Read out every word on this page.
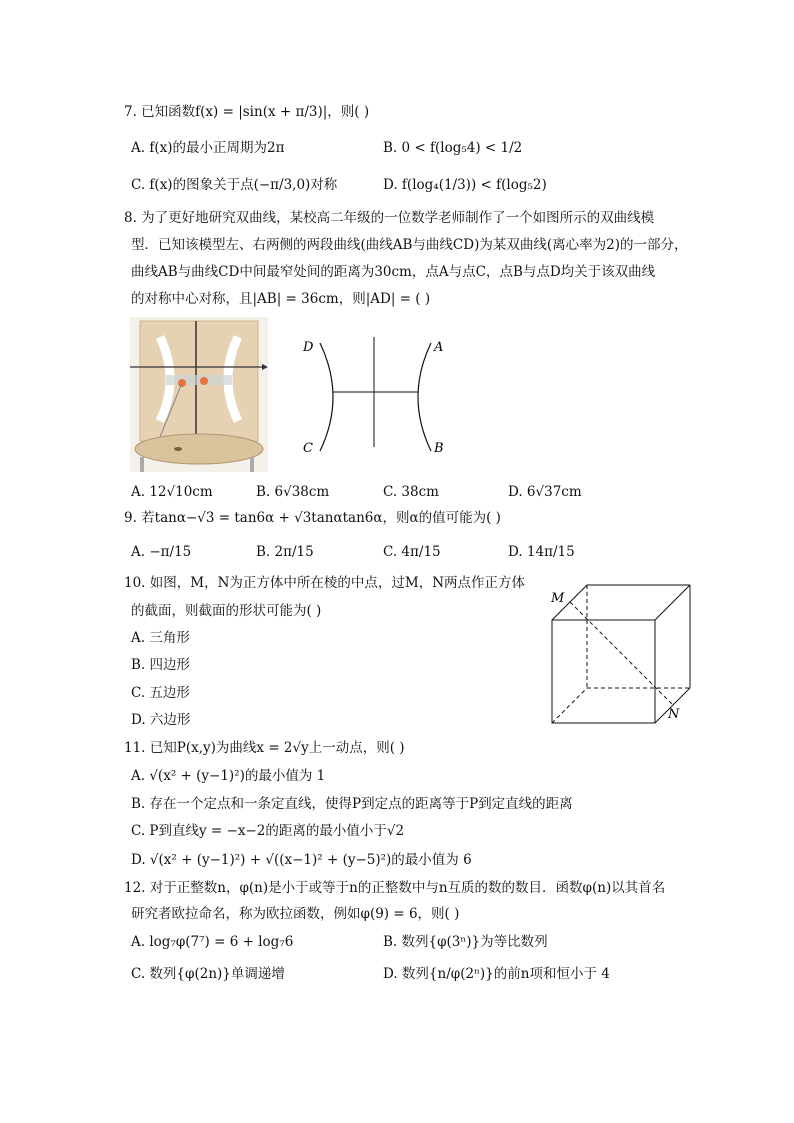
7. 已知函数f(x) = |sin(x + π/3)|，则( )
A. f(x)的最小正周期为2π	B. 0 < f(log₅4) < 1/2
C. f(x)的图象关于点(−π/3,0)对称	D. f(log₄(1/3)) < f(log₅2)
8. 为了更好地研究双曲线，某校高二年级的一位数学老师制作了一个如图所示的双曲线模
型．已知该模型左、右两侧的两段曲线(曲线AB与曲线CD)为某双曲线(离心率为2)的一部分，
曲线AB与曲线CD中间最窄处间的距离为30cm，点A与点C，点B与点D均关于该双曲线
的对称中心对称，且|AB| = 36cm，则|AD| = ( )
D	A
C	B
A. 12√10cm	B. 6√38cm	C. 38cm	D. 6√37cm
9. 若tanα−√3 = tan6α + √3tanαtan6α，则α的值可能为( )
A. −π/15	B. 2π/15	C. 4π/15	D. 14π/15
10. 如图，M，N为正方体中所在棱的中点，过M，N两点作正方体
的截面，则截面的形状可能为( )
A. 三角形
B. 四边形
C. 五边形
D. 六边形
M
N
11. 已知P(x,y)为曲线x = 2√y上一动点，则( )
A. √(x² + (y−1)²)的最小值为 1
B. 存在一个定点和一条定直线，使得P到定点的距离等于P到定直线的距离
C. P到直线y = −x−2的距离的最小值小于√2
D. √(x² + (y−1)²) + √((x−1)² + (y−5)²)的最小值为 6
12. 对于正整数n，φ(n)是小于或等于n的正整数中与n互质的数的数目．函数φ(n)以其首名
研究者欧拉命名，称为欧拉函数，例如φ(9) = 6，则( )
A. log₇φ(7⁷) = 6 + log₇6	B. 数列{φ(3ⁿ)}为等比数列
C. 数列{φ(2n)}单调递增	D. 数列{n/φ(2ⁿ)}的前n项和恒小于 4
